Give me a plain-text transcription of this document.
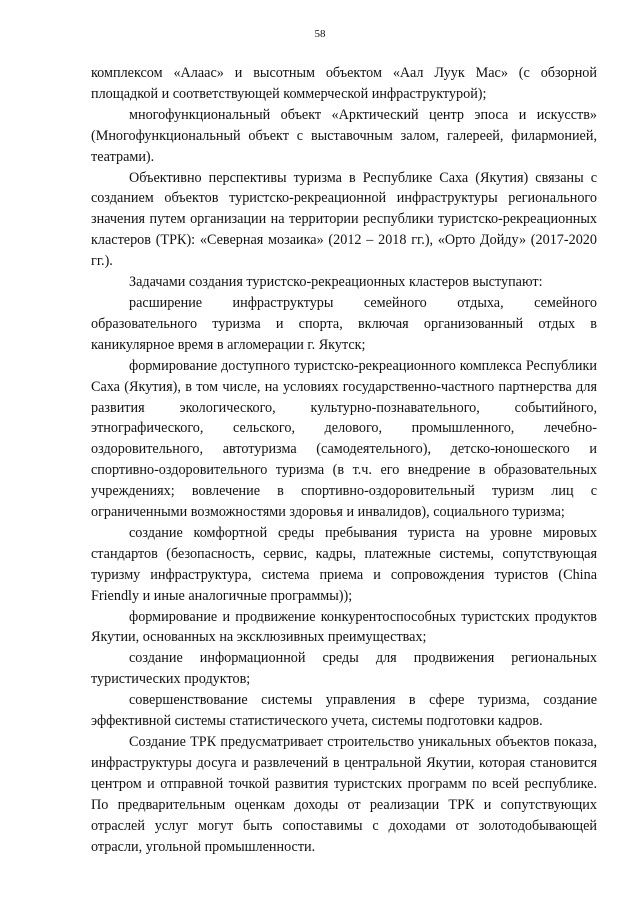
58

комплексом «Алаас» и высотным объектом «Аал Луук Мас» (с обзорной площадкой и соответствующей коммерческой инфраструктурой);

многофункциональный объект «Арктический центр эпоса и искусств» (Многофункциональный объект с выставочным залом, галереей, филармонией, театрами).

Объективно перспективы туризма в Республике Саха (Якутия) связаны с созданием объектов туристско-рекреационной инфраструктуры регионального значения путем организации на территории республики туристско-рекреационных кластеров (ТРК): «Северная мозаика» (2012 – 2018 гг.), «Орто Дойду» (2017-2020 гг.).

Задачами создания туристско-рекреационных кластеров выступают:

расширение инфраструктуры семейного отдыха, семейного образовательного туризма и спорта, включая организованный отдых в каникулярное время в агломерации г. Якутск;

формирование доступного туристско-рекреационного комплекса Республики Саха (Якутия), в том числе, на условиях государственно-частного партнерства для развития экологического, культурно-познавательного, событийного, этнографического, сельского, делового, промышленного, лечебно-оздоровительного, автотуризма (самодеятельного), детско-юношеского и спортивно-оздоровительного туризма (в т.ч. его внедрение в образовательных учреждениях; вовлечение в спортивно-оздоровительный туризм лиц с ограниченными возможностями здоровья и инвалидов), социального туризма;

создание комфортной среды пребывания туриста на уровне мировых стандартов (безопасность, сервис, кадры, платежные системы, сопутствующая туризму инфраструктура, система приема и сопровождения туристов (China Friendly и иные аналогичные программы));

формирование и продвижение конкурентоспособных туристских продуктов Якутии, основанных на эксклюзивных преимуществах;

создание информационной среды для продвижения региональных туристических продуктов;

совершенствование системы управления в сфере туризма, создание эффективной системы статистического учета, системы подготовки кадров.

Создание ТРК предусматривает строительство уникальных объектов показа, инфраструктуры досуга и развлечений в центральной Якутии, которая становится центром и отправной точкой развития туристских программ по всей республике. По предварительным оценкам доходы от реализации ТРК и сопутствующих отраслей услуг могут быть сопоставимы с доходами от золотодобывающей отрасли, угольной промышленности.
